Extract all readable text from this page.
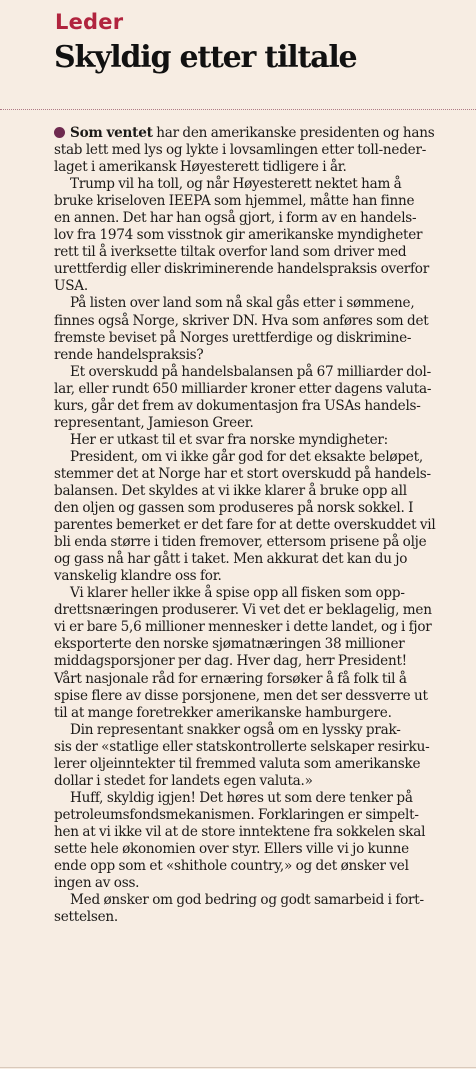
Leder
Skyldig etter tiltale
Som ventet har den amerikanske presidenten og hans
stab lett med lys og lykte i lovsamlingen etter toll-neder-
laget i amerikansk Høyesterett tidligere i år.
Trump vil ha toll, og når Høyesterett nektet ham å
bruke kriseloven IEEPA som hjemmel, måtte han finne
en annen. Det har han også gjort, i form av en handels-
lov fra 1974 som visstnok gir amerikanske myndigheter
rett til å iverksette tiltak overfor land som driver med
urettferdig eller diskriminerende handelspraksis overfor
USA.
På listen over land som nå skal gås etter i sømmene,
finnes også Norge, skriver DN. Hva som anføres som det
fremste beviset på Norges urettferdige og diskrimine-
rende handelspraksis?
Et overskudd på handelsbalansen på 67 milliarder dol-
lar, eller rundt 650 milliarder kroner etter dagens valuta-
kurs, går det frem av dokumentasjon fra USAs handels-
representant, Jamieson Greer.
Her er utkast til et svar fra norske myndigheter:
President, om vi ikke går god for det eksakte beløpet,
stemmer det at Norge har et stort overskudd på handels-
balansen. Det skyldes at vi ikke klarer å bruke opp all
den oljen og gassen som produseres på norsk sokkel. I
parentes bemerket er det fare for at dette overskuddet vil
bli enda større i tiden fremover, ettersom prisene på olje
og gass nå har gått i taket. Men akkurat det kan du jo
vanskelig klandre oss for.
Vi klarer heller ikke å spise opp all fisken som opp-
drettsnæringen produserer. Vi vet det er beklagelig, men
vi er bare 5,6 millioner mennesker i dette landet, og i fjor
eksporterte den norske sjømatnæringen 38 millioner
middagsporsjoner per dag. Hver dag, herr President!
Vårt nasjonale råd for ernæring forsøker å få folk til å
spise flere av disse porsjonene, men det ser dessverre ut
til at mange foretrekker amerikanske hamburgere.
Din representant snakker også om en lyssky prak-
sis der «statlige eller statskontrollerte selskaper resirku-
lerer oljeinntekter til fremmed valuta som amerikanske
dollar i stedet for landets egen valuta.»
Huff, skyldig igjen! Det høres ut som dere tenker på
petroleumsfondsmekanismen. Forklaringen er simpelt-
hen at vi ikke vil at de store inntektene fra sokkelen skal
sette hele økonomien over styr. Ellers ville vi jo kunne
ende opp som et «shithole country,» og det ønsker vel
ingen av oss.
Med ønsker om god bedring og godt samarbeid i fort-
settelsen.
